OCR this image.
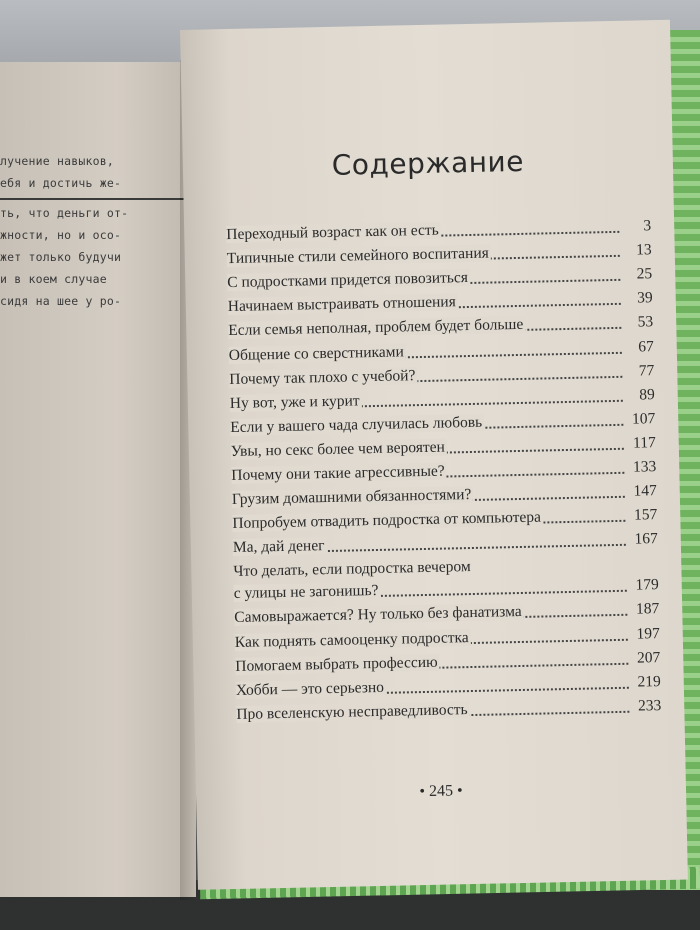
лучение навыков,
ебя и достичь же-
ть, что деньги от-
жности, но и осо-
жет только будучи
и в коем случае
сидя на шее у ро-
Содержание
Переходный возраст как он есть	3
Типичные стили семейного воспитания	13
С подростками придется повозиться	25
Начинаем выстраивать отношения	39
Если семья неполная, проблем будет больше	53
Общение со сверстниками	67
Почему так плохо с учебой?	77
Ну вот, уже и курит	89
Если у вашего чада случилась любовь	107
Увы, но секс более чем вероятен	117
Почему они такие агрессивные?	133
Грузим домашними обязанностями?	147
Попробуем отвадить подростка от компьютера	157
Ма, дай денег	167
Что делать, если подростка вечером
с улицы не загонишь?	179
Самовыражается? Ну только без фанатизма	187
Как поднять самооценку подростка	197
Помогаем выбрать профессию	207
Хобби — это серьезно	219
Про вселенскую несправедливость	233
• 245 •
